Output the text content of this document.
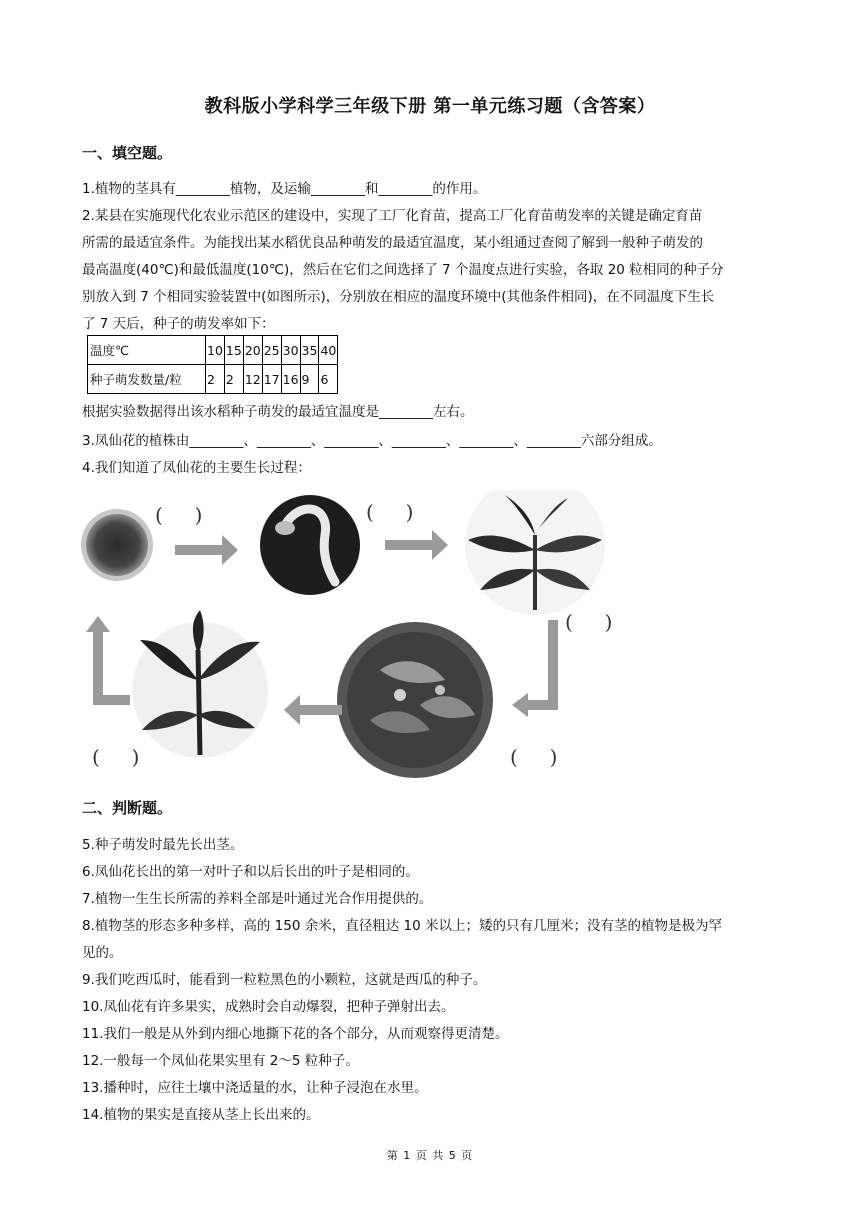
教科版小学科学三年级下册 第一单元练习题（含答案）
一、填空题。
1.植物的茎具有________植物，及运输________和________的作用。
2.某县在实施现代化农业示范区的建设中，实现了工厂化育苗，提高工厂化育苗萌发率的关键是确定育苗
所需的最适宜条件。为能找出某水稻优良品种萌发的最适宜温度，某小组通过查阅了解到一般种子萌发的
最高温度(40℃)和最低温度(10℃)，然后在它们之间选择了 7 个温度点进行实验，各取 20 粒相同的种子分
别放入到 7 个相同实验装置中(如图所示)，分别放在相应的温度环境中(其他条件相同)，在不同温度下生长
了 7 天后，种子的萌发率如下：
温度℃	10	15	20	25	30	35	40
种子萌发数量/粒	2	2	12	17	16	9	6
根据实验数据得出该水稻种子萌发的最适宜温度是________左右。
3.凤仙花的植株由________、________、________、________、________、________六部分组成。
4.我们知道了凤仙花的主要生长过程：
(     )	(     )
(     )
(     )
(     )
二、判断题。
5.种子萌发时最先长出茎。
6.凤仙花长出的第一对叶子和以后长出的叶子是相同的。
7.植物一生生长所需的养料全部是叶通过光合作用提供的。
8.植物茎的形态多种多样，高的 150 余米，直径粗达 10 米以上；矮的只有几厘米；没有茎的植物是极为罕
见的。
9.我们吃西瓜时，能看到一粒粒黑色的小颗粒，这就是西瓜的种子。
10.凤仙花有许多果实，成熟时会自动爆裂，把种子弹射出去。
11.我们一般是从外到内细心地撕下花的各个部分，从而观察得更清楚。
12.一般每一个凤仙花果实里有 2～5 粒种子。
13.播种时，应往土壤中浇适量的水，让种子浸泡在水里。
14.植物的果实是直接从茎上长出来的。
第 1 页 共 5 页
